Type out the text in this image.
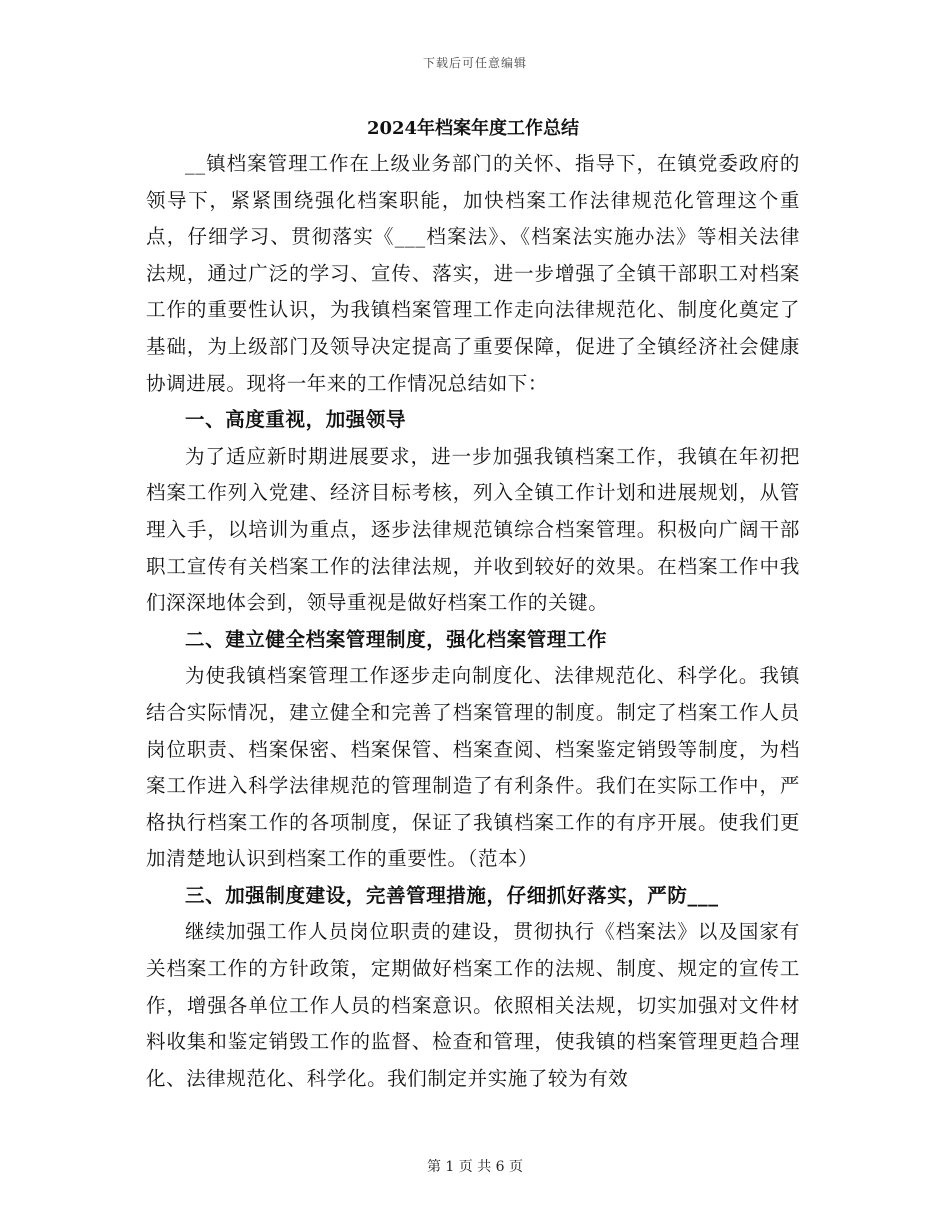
下载后可任意编辑
2024年档案年度工作总结

__镇档案管理工作在上级业务部门的关怀、指导下，在镇党委政府的领导下，紧紧围绕强化档案职能，加快档案工作法律规范化管理这个重点，仔细学习、贯彻落实《___档案法》、《档案法实施办法》等相关法律法规，通过广泛的学习、宣传、落实，进一步增强了全镇干部职工对档案工作的重要性认识，为我镇档案管理工作走向法律规范化、制度化奠定了基础，为上级部门及领导决定提高了重要保障，促进了全镇经济社会健康协调进展。现将一年来的工作情况总结如下：

一、高度重视，加强领导

为了适应新时期进展要求，进一步加强我镇档案工作，我镇在年初把档案工作列入党建、经济目标考核，列入全镇工作计划和进展规划，从管理入手，以培训为重点，逐步法律规范镇综合档案管理。积极向广阔干部职工宣传有关档案工作的法律法规，并收到较好的效果。在档案工作中我们深深地体会到，领导重视是做好档案工作的关键。

二、建立健全档案管理制度，强化档案管理工作

为使我镇档案管理工作逐步走向制度化、法律规范化、科学化。我镇结合实际情况，建立健全和完善了档案管理的制度。制定了档案工作人员岗位职责、档案保密、档案保管、档案查阅、档案鉴定销毁等制度，为档案工作进入科学法律规范的管理制造了有利条件。我们在实际工作中，严格执行档案工作的各项制度，保证了我镇档案工作的有序开展。使我们更加清楚地认识到档案工作的重要性。（范本）

三、加强制度建设，完善管理措施，仔细抓好落实，严防___

继续加强工作人员岗位职责的建设，贯彻执行《档案法》以及国家有关档案工作的方针政策，定期做好档案工作的法规、制度、规定的宣传工作，增强各单位工作人员的档案意识。依照相关法规，切实加强对文件材料收集和鉴定销毁工作的监督、检查和管理，使我镇的档案管理更趋合理化、法律规范化、科学化。我们制定并实施了较为有效

第 1 页 共 6 页
